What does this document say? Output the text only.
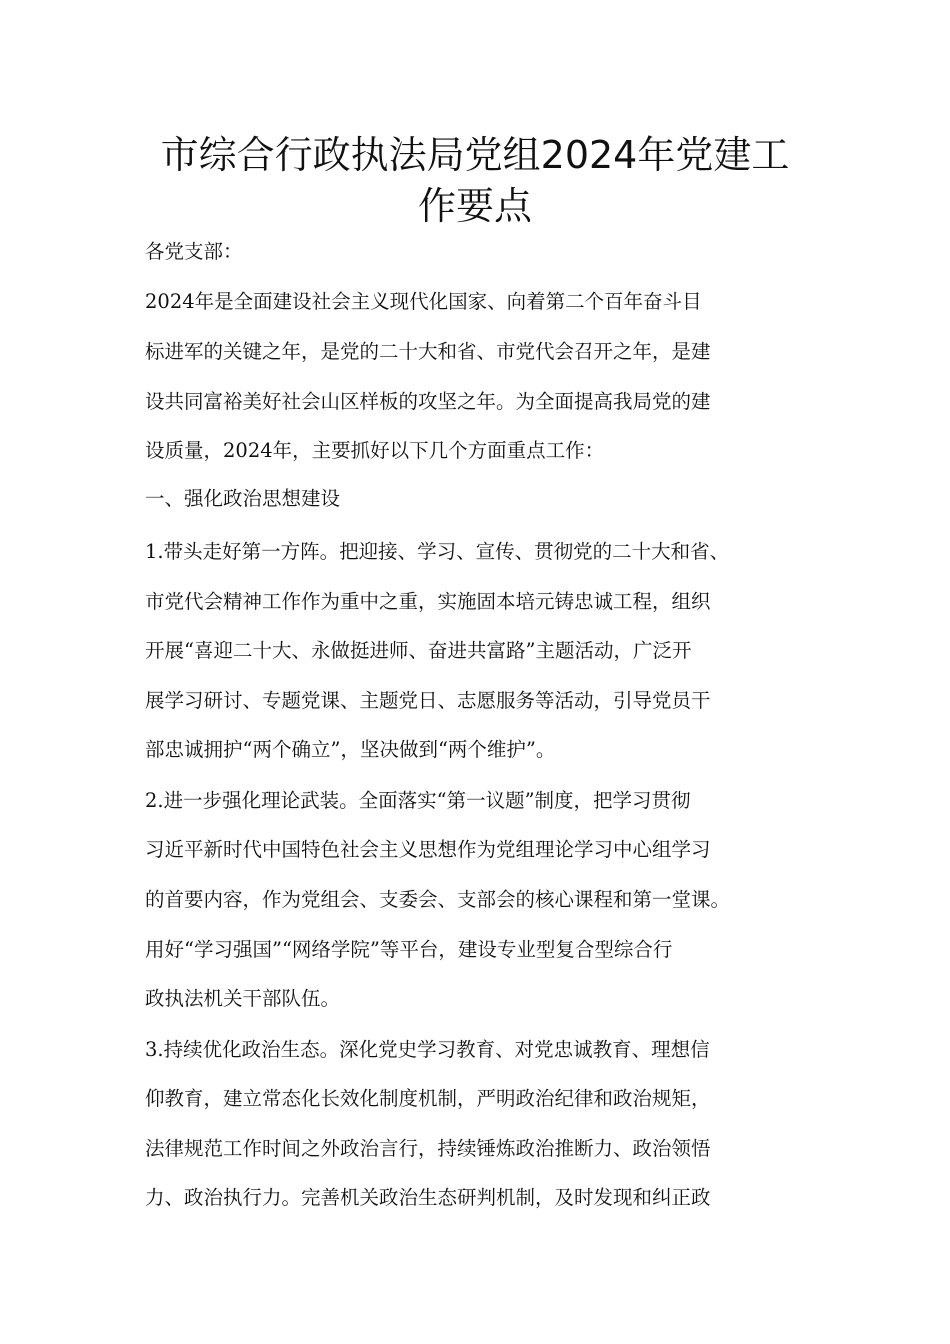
市综合行政执法局党组2024年党建工
作要点
各党支部：
2024年是全面建设社会主义现代化国家、向着第二个百年奋斗目
标进军的关键之年，是党的二十大和省、市党代会召开之年，是建
设共同富裕美好社会山区样板的攻坚之年。为全面提高我局党的建
设质量，2024年，主要抓好以下几个方面重点工作：
一、强化政治思想建设
1.带头走好第一方阵。把迎接、学习、宣传、贯彻党的二十大和省、
市党代会精神工作作为重中之重，实施固本培元铸忠诚工程，组织
开展“喜迎二十大、永做挺进师、奋进共富路”主题活动，广泛开
展学习研讨、专题党课、主题党日、志愿服务等活动，引导党员干
部忠诚拥护“两个确立”，坚决做到“两个维护”。
2.进一步强化理论武装。全面落实“第一议题”制度，把学习贯彻
习近平新时代中国特色社会主义思想作为党组理论学习中心组学习
的首要内容，作为党组会、支委会、支部会的核心课程和第一堂课。
用好“学习强国”“网络学院”等平台，建设专业型复合型综合行
政执法机关干部队伍。
3.持续优化政治生态。深化党史学习教育、对党忠诚教育、理想信
仰教育，建立常态化长效化制度机制，严明政治纪律和政治规矩，
法律规范工作时间之外政治言行，持续锤炼政治推断力、政治领悟
力、政治执行力。完善机关政治生态研判机制，及时发现和纠正政
